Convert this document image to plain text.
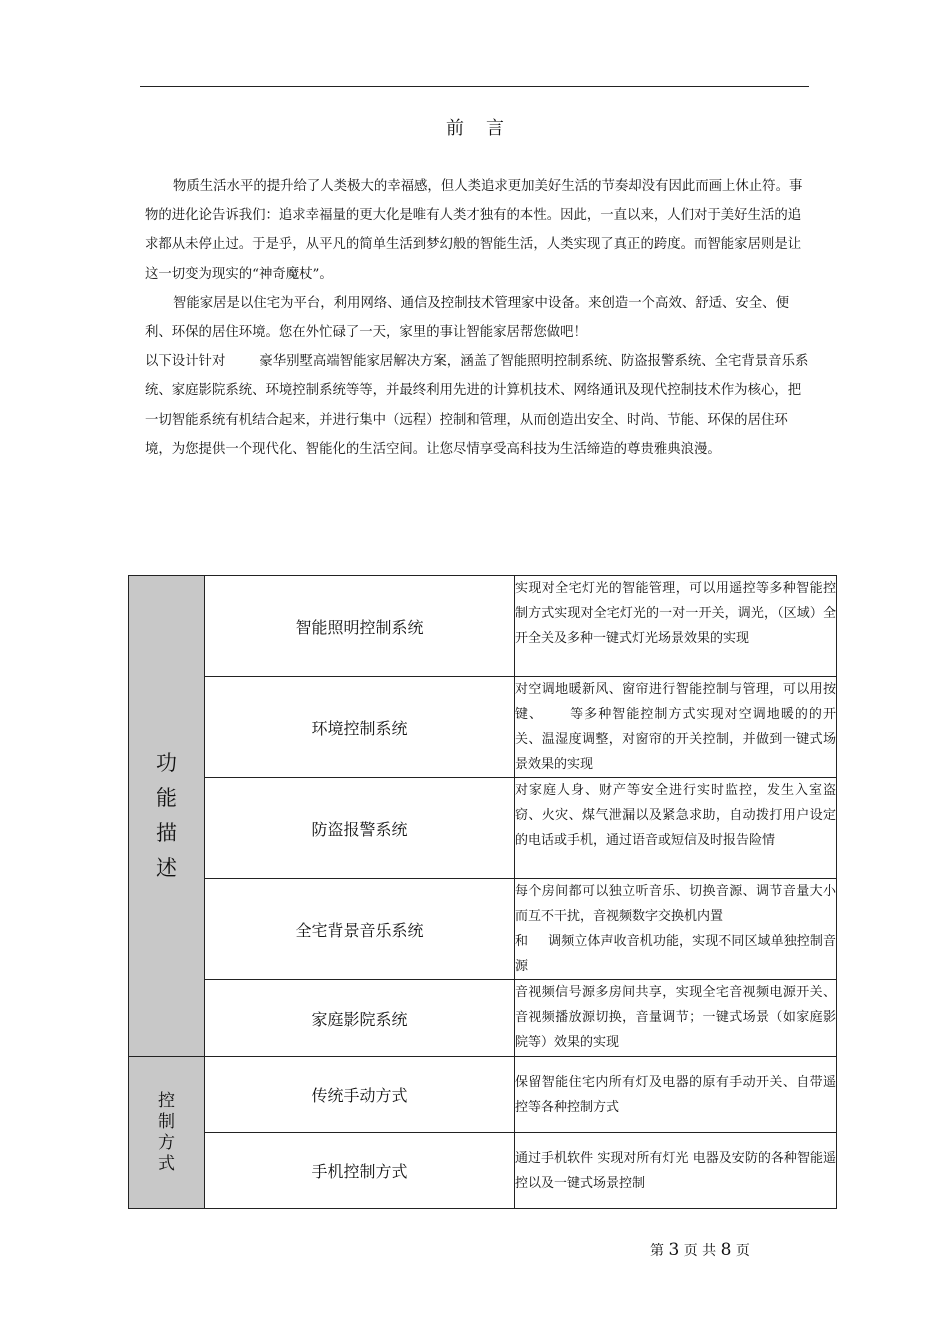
前言

物质生活水平的提升给了人类极大的幸福感，但人类追求更加美好生活的节奏却没有因此而画上休止符。事物的进化论告诉我们：追求幸福量的更大化是唯有人类才独有的本性。因此，一直以来，人们对于美好生活的追求都从未停止过。于是乎，从平凡的简单生活到梦幻般的智能生活，人类实现了真正的跨度。而智能家居则是让这一切变为现实的“神奇魔杖”。

智能家居是以住宅为平台，利用网络、通信及控制技术管理家中设备。来创造一个高效、舒适、安全、便利、环保的居住环境。您在外忙碌了一天，家里的事让智能家居帮您做吧！

以下设计针对	豪华别墅高端智能家居解决方案，涵盖了智能照明控制系统、防盗报警系统、全宅背景音乐系统、家庭影院系统、环境控制系统等等，并最终利用先进的计算机技术、网络通讯及现代控制技术作为核心，把一切智能系统有机结合起来，并进行集中（远程）控制和管理，从而创造出安全、时尚、节能、环保的居住环境，为您提供一个现代化、智能化的生活空间。让您尽情享受高科技为生活缔造的尊贵雅典浪漫。

功
能
描
述	智能照明控制系统	实现对全宅灯光的智能管理，可以用遥控等多种智能控制方式实现对全宅灯光的一对一开关，调光，（区域）全开全关及多种一键式灯光场景效果的实现
	环境控制系统	对空调地暖新风、窗帘进行智能控制与管理，可以用按键、 等多种智能控制方式实现对空调地暖的的开关、温湿度调整，对窗帘的开关控制，并做到一键式场景效果的实现
	防盗报警系统	对家庭人身、财产等安全进行实时监控，发生入室盗窃、火灾、煤气泄漏以及紧急求助，自动拨打用户设定的电话或手机，通过语音或短信及时报告险情
	全宅背景音乐系统	每个房间都可以独立听音乐、切换音源、调节音量大小而互不干扰，音视频数字交换机内置
和 调频立体声收音机功能，实现不同区域单独控制音源
	家庭影院系统	音视频信号源多房间共享，实现全宅音视频电源开关、音视频播放源切换，音量调节；一键式场景（如家庭影院等）效果的实现

控
制
方
式	传统手动方式	保留智能住宅内所有灯及电器的原有手动开关、自带遥控等各种控制方式
	手机控制方式	通过手机软件 实现对所有灯光 电器及安防的各种智能遥控以及一键式场景控制
第 3 页 共 8 页
